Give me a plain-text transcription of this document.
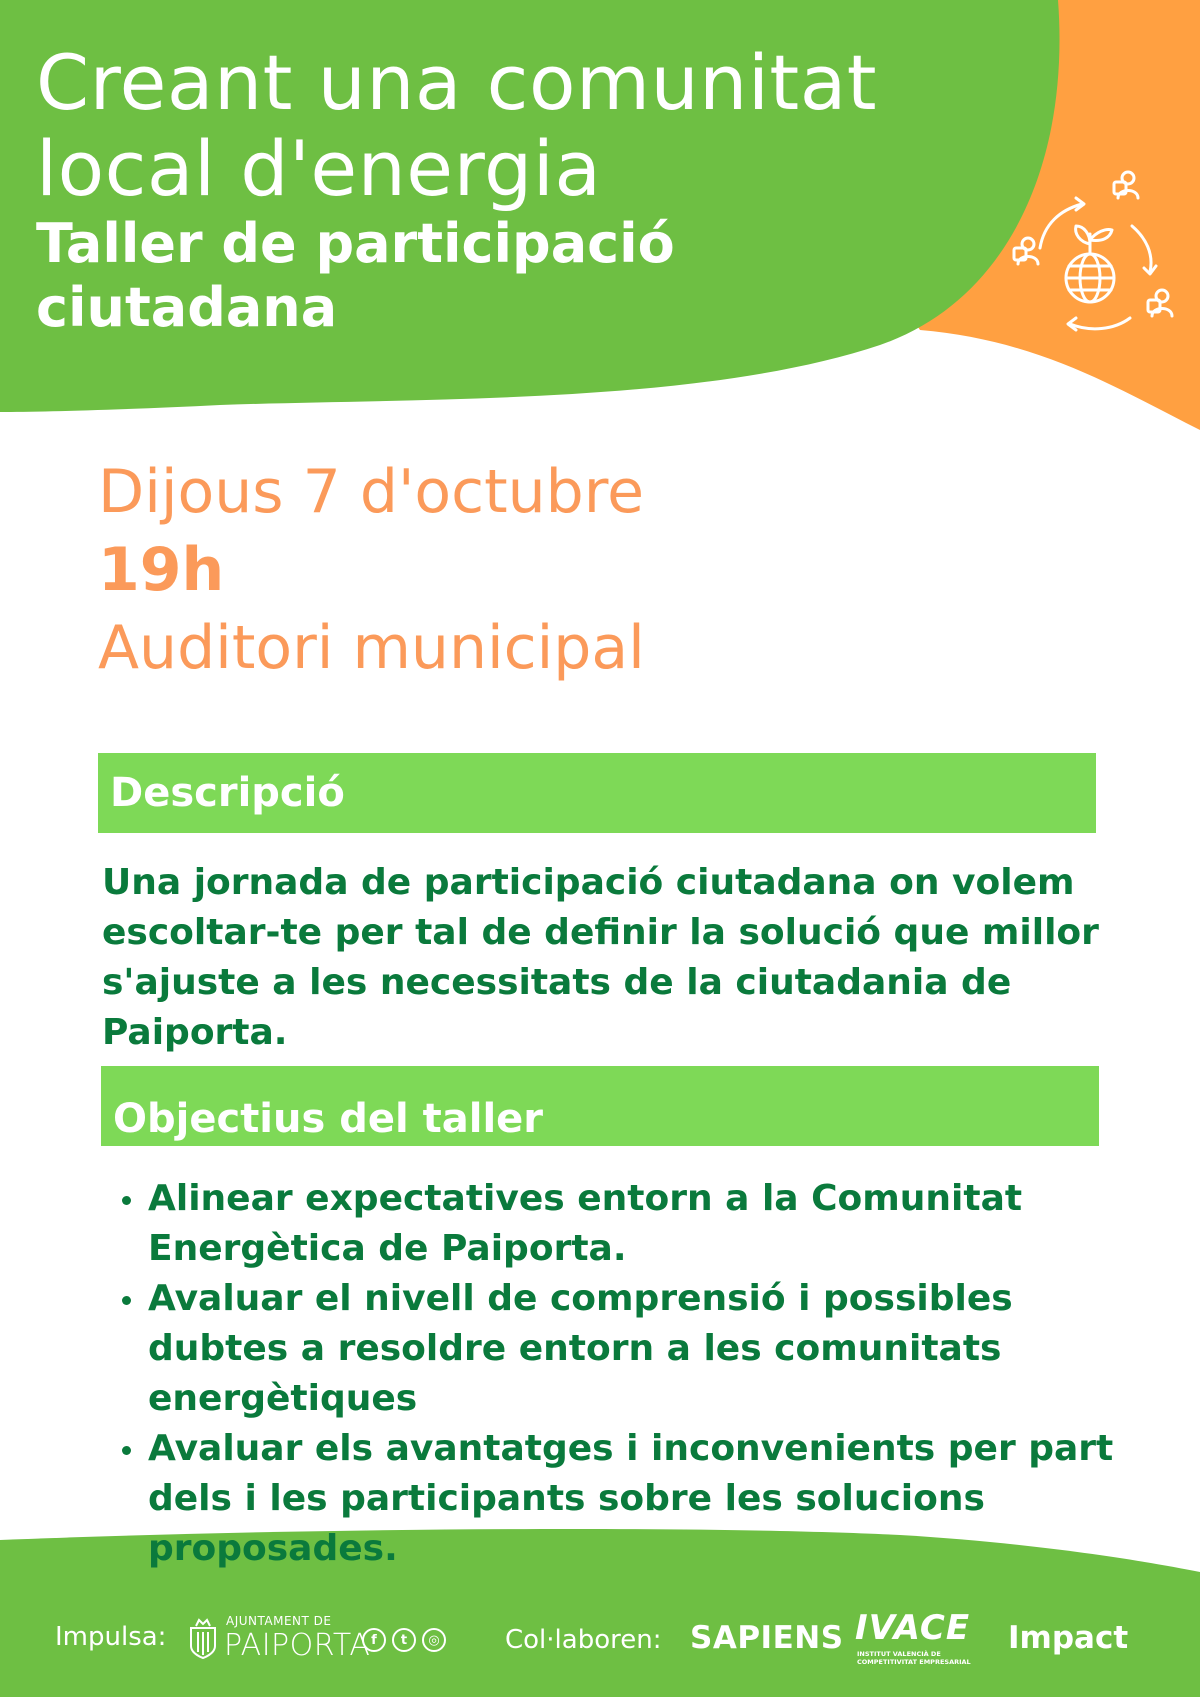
Creant una comunitat
local d'energia
Taller de participació
ciutadana
Dijous 7 d'octubre
19h
Auditori municipal
Descripció
Una jornada de participació ciutadana on volem escoltar-te per tal de definir la solució que millor s'ajuste a les necessitats de la ciutadania de Paiporta.
Objectius del taller
Alinear expectatives entorn a la Comunitat Energètica de Paiporta.
Avaluar el nivell de comprensió i possibles dubtes a resoldre entorn a les comunitats energètiques
Avaluar els avantatges i inconvenients per part dels i les participants sobre les solucions proposades.
Impulsa:
AJUNTAMENT DE
PAIPORTA f	t	◎	Col·laboren: SAPIENS IVACE
INSTITUT VALENCIÀ DE COMPETITIVITAT EMPRESARIAL
Impact
